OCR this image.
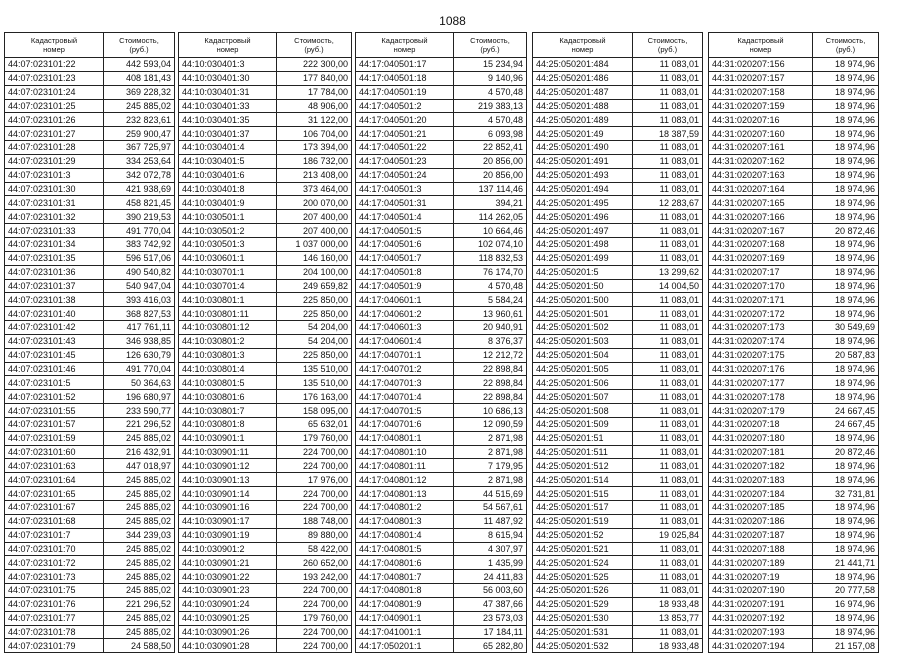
1088
Кадастровый
номер	Стоимость,
(руб.)
44:07:023101:22	442 593,04
44:07:023101:23	408 181,43
44:07:023101:24	369 228,32
44:07:023101:25	245 885,02
44:07:023101:26	232 823,61
44:07:023101:27	259 900,47
44:07:023101:28	367 725,97
44:07:023101:29	334 253,64
44:07:023101:3	342 072,78
44:07:023101:30	421 938,69
44:07:023101:31	458 821,45
44:07:023101:32	390 219,53
44:07:023101:33	491 770,04
44:07:023101:34	383 742,92
44:07:023101:35	596 517,06
44:07:023101:36	490 540,82
44:07:023101:37	540 947,04
44:07:023101:38	393 416,03
44:07:023101:40	368 827,53
44:07:023101:42	417 761,11
44:07:023101:43	346 938,85
44:07:023101:45	126 630,79
44:07:023101:46	491 770,04
44:07:023101:5	50 364,63
44:07:023101:52	196 680,97
44:07:023101:55	233 590,77
44:07:023101:57	221 296,52
44:07:023101:59	245 885,02
44:07:023101:60	216 432,91
44:07:023101:63	447 018,97
44:07:023101:64	245 885,02
44:07:023101:65	245 885,02
44:07:023101:67	245 885,02
44:07:023101:68	245 885,02
44:07:023101:7	344 239,03
44:07:023101:70	245 885,02
44:07:023101:72	245 885,02
44:07:023101:73	245 885,02
44:07:023101:75	245 885,02
44:07:023101:76	221 296,52
44:07:023101:77	245 885,02
44:07:023101:78	245 885,02
44:07:023101:79	24 588,50
Кадастровый
номер	Стоимость,
(руб.)
44:10:030401:3	222 300,00
44:10:030401:30	177 840,00
44:10:030401:31	17 784,00
44:10:030401:33	48 906,00
44:10:030401:35	31 122,00
44:10:030401:37	106 704,00
44:10:030401:4	173 394,00
44:10:030401:5	186 732,00
44:10:030401:6	213 408,00
44:10:030401:8	373 464,00
44:10:030401:9	200 070,00
44:10:030501:1	207 400,00
44:10:030501:2	207 400,00
44:10:030501:3	1 037 000,00
44:10:030601:1	146 160,00
44:10:030701:1	204 100,00
44:10:030701:4	249 659,82
44:10:030801:1	225 850,00
44:10:030801:11	225 850,00
44:10:030801:12	54 204,00
44:10:030801:2	54 204,00
44:10:030801:3	225 850,00
44:10:030801:4	135 510,00
44:10:030801:5	135 510,00
44:10:030801:6	176 163,00
44:10:030801:7	158 095,00
44:10:030801:8	65 632,01
44:10:030901:1	179 760,00
44:10:030901:11	224 700,00
44:10:030901:12	224 700,00
44:10:030901:13	17 976,00
44:10:030901:14	224 700,00
44:10:030901:16	224 700,00
44:10:030901:17	188 748,00
44:10:030901:19	89 880,00
44:10:030901:2	58 422,00
44:10:030901:21	260 652,00
44:10:030901:22	193 242,00
44:10:030901:23	224 700,00
44:10:030901:24	224 700,00
44:10:030901:25	179 760,00
44:10:030901:26	224 700,00
44:10:030901:28	224 700,00
Кадастровый
номер	Стоимость,
(руб.)
44:17:040501:17	15 234,94
44:17:040501:18	9 140,96
44:17:040501:19	4 570,48
44:17:040501:2	219 383,13
44:17:040501:20	4 570,48
44:17:040501:21	6 093,98
44:17:040501:22	22 852,41
44:17:040501:23	20 856,00
44:17:040501:24	20 856,00
44:17:040501:3	137 114,46
44:17:040501:31	394,21
44:17:040501:4	114 262,05
44:17:040501:5	10 664,46
44:17:040501:6	102 074,10
44:17:040501:7	118 832,53
44:17:040501:8	76 174,70
44:17:040501:9	4 570,48
44:17:040601:1	5 584,24
44:17:040601:2	13 960,61
44:17:040601:3	20 940,91
44:17:040601:4	8 376,37
44:17:040701:1	12 212,72
44:17:040701:2	22 898,84
44:17:040701:3	22 898,84
44:17:040701:4	22 898,84
44:17:040701:5	10 686,13
44:17:040701:6	12 090,59
44:17:040801:1	2 871,98
44:17:040801:10	2 871,98
44:17:040801:11	7 179,95
44:17:040801:12	2 871,98
44:17:040801:13	44 515,69
44:17:040801:2	54 567,61
44:17:040801:3	11 487,92
44:17:040801:4	8 615,94
44:17:040801:5	4 307,97
44:17:040801:6	1 435,99
44:17:040801:7	24 411,83
44:17:040801:8	56 003,60
44:17:040801:9	47 387,66
44:17:040901:1	23 573,03
44:17:041001:1	17 184,11
44:17:050201:1	65 282,80
Кадастровый
номер	Стоимость,
(руб.)
44:25:050201:484	11 083,01
44:25:050201:486	11 083,01
44:25:050201:487	11 083,01
44:25:050201:488	11 083,01
44:25:050201:489	11 083,01
44:25:050201:49	18 387,59
44:25:050201:490	11 083,01
44:25:050201:491	11 083,01
44:25:050201:493	11 083,01
44:25:050201:494	11 083,01
44:25:050201:495	12 283,67
44:25:050201:496	11 083,01
44:25:050201:497	11 083,01
44:25:050201:498	11 083,01
44:25:050201:499	11 083,01
44:25:050201:5	13 299,62
44:25:050201:50	14 004,50
44:25:050201:500	11 083,01
44:25:050201:501	11 083,01
44:25:050201:502	11 083,01
44:25:050201:503	11 083,01
44:25:050201:504	11 083,01
44:25:050201:505	11 083,01
44:25:050201:506	11 083,01
44:25:050201:507	11 083,01
44:25:050201:508	11 083,01
44:25:050201:509	11 083,01
44:25:050201:51	11 083,01
44:25:050201:511	11 083,01
44:25:050201:512	11 083,01
44:25:050201:514	11 083,01
44:25:050201:515	11 083,01
44:25:050201:517	11 083,01
44:25:050201:519	11 083,01
44:25:050201:52	19 025,84
44:25:050201:521	11 083,01
44:25:050201:524	11 083,01
44:25:050201:525	11 083,01
44:25:050201:526	11 083,01
44:25:050201:529	18 933,48
44:25:050201:530	13 853,77
44:25:050201:531	11 083,01
44:25:050201:532	18 933,48
Кадастровый
номер	Стоимость,
(руб.)
44:31:020207:156	18 974,96
44:31:020207:157	18 974,96
44:31:020207:158	18 974,96
44:31:020207:159	18 974,96
44:31:020207:16	18 974,96
44:31:020207:160	18 974,96
44:31:020207:161	18 974,96
44:31:020207:162	18 974,96
44:31:020207:163	18 974,96
44:31:020207:164	18 974,96
44:31:020207:165	18 974,96
44:31:020207:166	18 974,96
44:31:020207:167	20 872,46
44:31:020207:168	18 974,96
44:31:020207:169	18 974,96
44:31:020207:17	18 974,96
44:31:020207:170	18 974,96
44:31:020207:171	18 974,96
44:31:020207:172	18 974,96
44:31:020207:173	30 549,69
44:31:020207:174	18 974,96
44:31:020207:175	20 587,83
44:31:020207:176	18 974,96
44:31:020207:177	18 974,96
44:31:020207:178	18 974,96
44:31:020207:179	24 667,45
44:31:020207:18	24 667,45
44:31:020207:180	18 974,96
44:31:020207:181	20 872,46
44:31:020207:182	18 974,96
44:31:020207:183	18 974,96
44:31:020207:184	32 731,81
44:31:020207:185	18 974,96
44:31:020207:186	18 974,96
44:31:020207:187	18 974,96
44:31:020207:188	18 974,96
44:31:020207:189	21 441,71
44:31:020207:19	18 974,96
44:31:020207:190	20 777,58
44:31:020207:191	16 974,96
44:31:020207:192	18 974,96
44:31:020207:193	18 974,96
44:31:020207:194	21 157,08
